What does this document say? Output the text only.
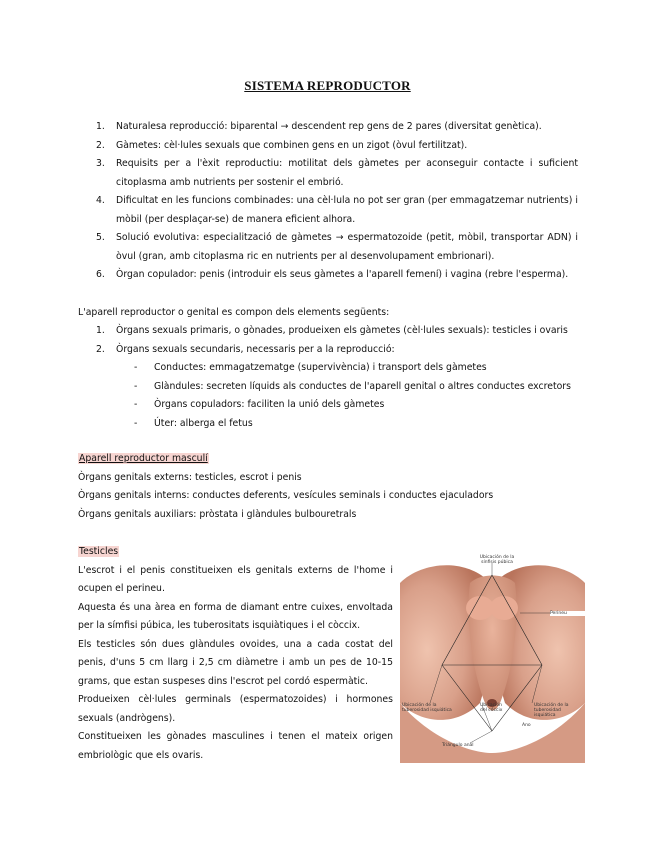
SISTEMA REPRODUCTOR
1. Naturalesa reproducció: biparental → descendent rep gens de 2 pares (diversitat genètica).
2. Gàmetes: cèl·lules sexuals que combinen gens en un zigot (òvul fertilitzat).
3. Requisits per a l'èxit reproductiu: motilitat dels gàmetes per aconseguir contacte i suficient citoplasma amb nutrients per sostenir el embrió.
4. Dificultat en les funcions combinades: una cèl·lula no pot ser gran (per emmagatzemar nutrients) i mòbil (per desplaçar-se) de manera eficient alhora.
5. Solució evolutiva: especialització de gàmetes → espermatozoide (petit, mòbil, transportar ADN) i òvul (gran, amb citoplasma ric en nutrients per al desenvolupament embrionari).
6. Òrgan copulador: penis (introduir els seus gàmetes a l'aparell femení) i vagina (rebre l'esperma).
L'aparell reproductor o genital es compon dels elements següents:
1. Òrgans sexuals primaris, o gònades, produeixen els gàmetes (cèl·lules sexuals): testicles i ovaris
2. Òrgans sexuals secundaris, necessaris per a la reproducció:
- Conductes: emmagatzematge (supervivència) i transport dels gàmetes
- Glàndules: secreten líquids als conductes de l'aparell genital o altres conductes excretors
- Òrgans copuladors: faciliten la unió dels gàmetes
- Úter: alberga el fetus
Aparell reproductor masculí
Òrgans genitals externs: testicles, escrot i penis
Òrgans genitals interns: conductes deferents, vesícules seminals i conductes ejaculadors
Òrgans genitals auxiliars: pròstata i glàndules bulbouretrals
Testicles

L'escrot i el penis constitueixen els genitals externs de l'home i ocupen el perineu.

Aquesta és una àrea en forma de diamant entre cuixes, envoltada per la símfisi púbica, les tuberositats isquiàtiques i el còccix.

Els testicles són dues glàndules ovoides, una a cada costat del penis, d'uns 5 cm llarg i 2,5 cm diàmetre i amb un pes de 10-15 grams, que estan suspeses dins l'escrot pel cordó espermàtic.

Produeixen cèl·lules germinals (espermatozoides) i hormones sexuals (andrògens).

Constitueixen les gònades masculines i tenen el mateix origen embriològic que els ovaris.

Ubicación de la sínfisis púbica
Perineu
Ubicación de la tuberosidad isquiática
Triángulo anal
Ubicación del cóccix
Ubicación de la tuberosidad isquiática
Ano
